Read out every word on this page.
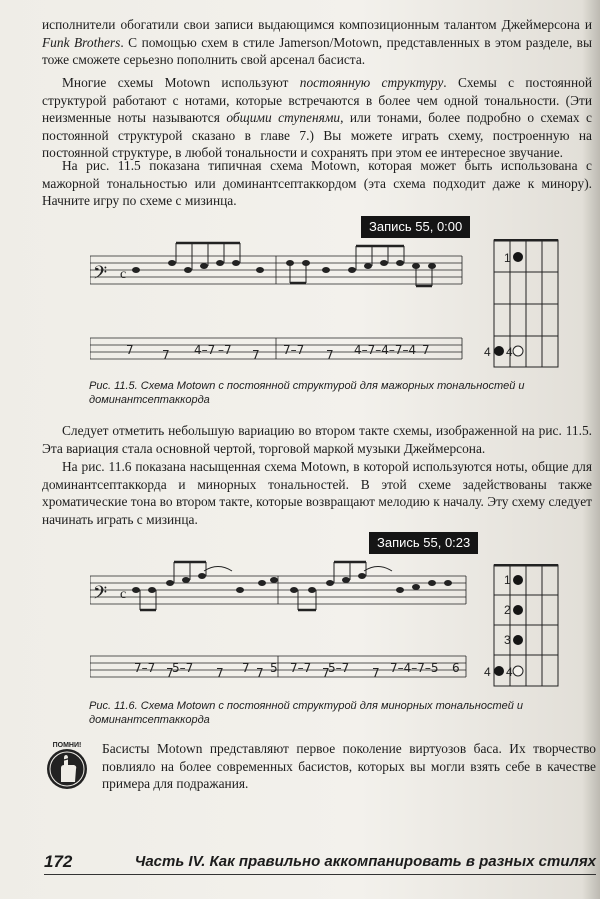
исполнители обогатили свои записи выдающимся композиционным талантом Джеймерсона и Funk Brothers. С помощью схем в стиле Jamerson/Motown, представленных в этом разделе, вы тоже сможете серьезно пополнить свой арсенал басиста.

Многие схемы Motown используют постоянную структуру. Схемы с постоянной структурой работают с нотами, которые встречаются в более чем одной тональности. (Эти неизменные ноты называются общими ступенями, или тонами, более подробно о схемах с постоянной структурой сказано в главе 7.) Вы можете играть схему, построенную на постоянной структуре, в любой тональности и сохранять при этом ее интересное звучание.

На рис. 11.5 показана типичная схема Motown, которая может быть использована с мажорной тональностью или доминантсептаккордом (эта схема подходит даже к минору). Начните игру по схеме с мизинца.

Запись 55, 0:00
𝄢 c
7 7 4–7 –7 7 7–7 7 4–7–4–7–4 7
1
4 4
Рис. 11.5. Схема Motown с постоянной структурой для мажорных тональностей и доминантсептаккорда

Следует отметить небольшую вариацию во втором такте схемы, изображенной на рис. 11.5. Эта вариация стала основной чертой, торговой маркой музыки Джеймерсона.

На рис. 11.6 показана насыщенная схема Motown, в которой используются ноты, общие для доминантсептаккорда и минорных тональностей. В этой схеме задействованы также хроматические тона во втором такте, которые возвращают мелодию к началу. Эту схему следует начинать играть с мизинца.

Запись 55, 0:23
𝄢 c
7–7 7
5–7 7 7 7 5 7–7 7
5–7 7 7–4–7–5 6
1
2
3
4 4
Рис. 11.6. Схема Motown с постоянной структурой для минорных тональностей и доминантсептаккорда
ПОМНИ! Басисты Motown представляют первое поколение виртуозов баса. Их творчество повлияло на более современных басистов, которых вы могли взять себе в качестве примера для подражания.
172	Часть IV. Как правильно аккомпанировать в разных стилях
